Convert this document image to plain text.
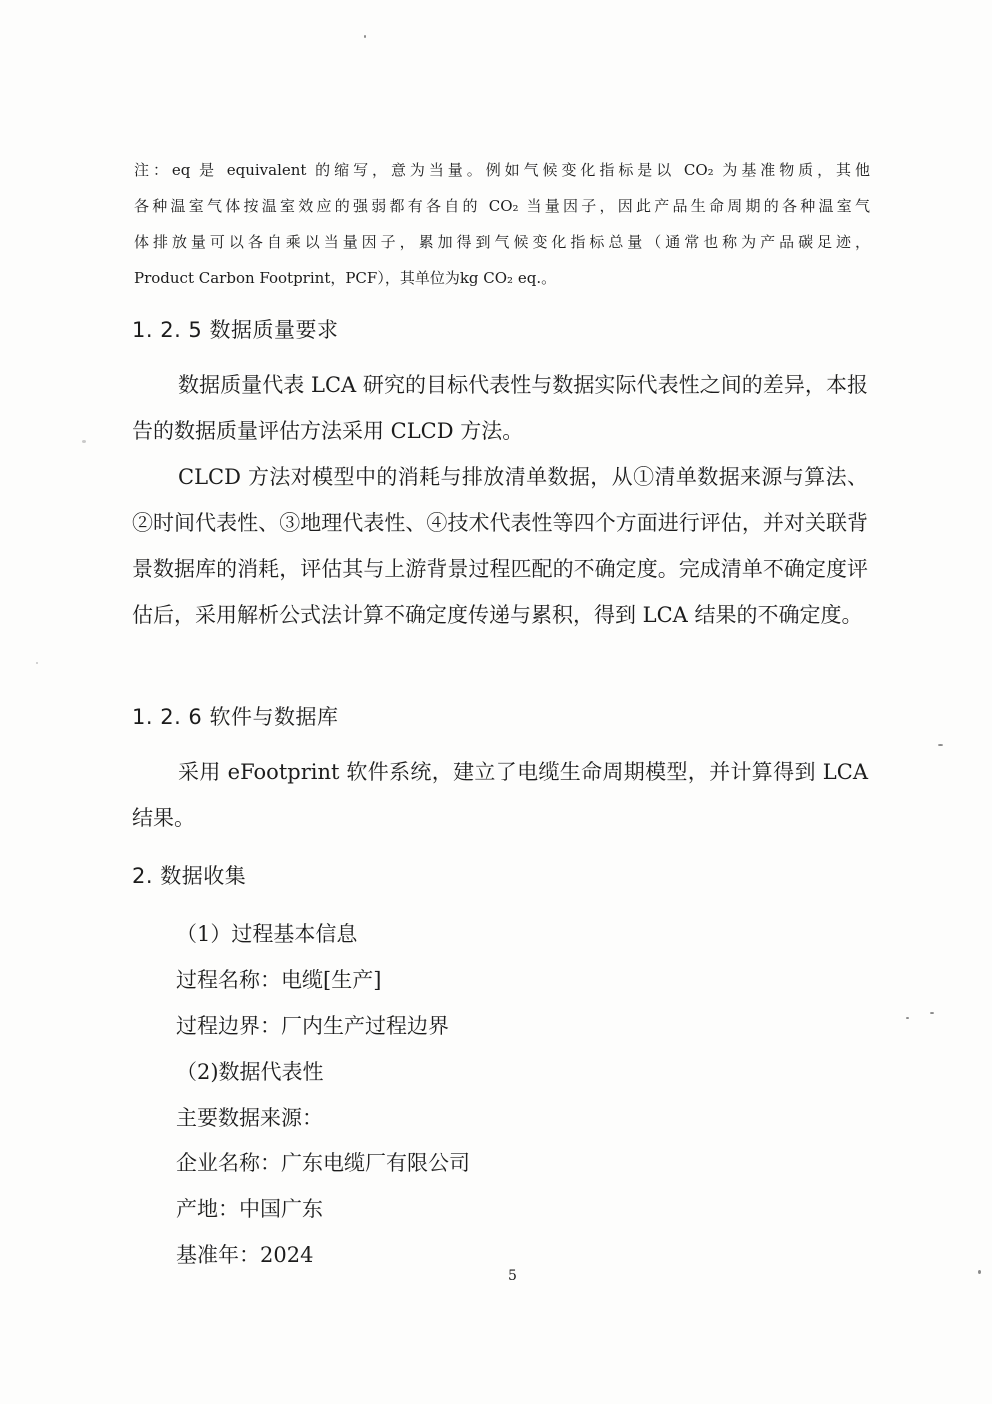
注：eq 是 equivalent 的缩写，意为当量。例如气候变化指标是以 CO₂ 为基准物质，其他
各种温室气体按温室效应的强弱都有各自的 CO₂ 当量因子，因此产品生命周期的各种温室气
体排放量可以各自乘以当量因子，累加得到气候变化指标总量（通常也称为产品碳足迹，
Product Carbon Footprint，PCF），其单位为kg CO₂ eq.。
1. 2. 5 数据质量要求
数据质量代表 LCA 研究的目标代表性与数据实际代表性之间的差异，本报告的数据质量评估方法采用 CLCD 方法。
CLCD 方法对模型中的消耗与排放清单数据，从①清单数据来源与算法、②时间代表性、③地理代表性、④技术代表性等四个方面进行评估，并对关联背景数据库的消耗，评估其与上游背景过程匹配的不确定度。完成清单不确定度评估后，采用解析公式法计算不确定度传递与累积，得到 LCA 结果的不确定度。
1. 2. 6 软件与数据库
采用 eFootprint 软件系统，建立了电缆生命周期模型，并计算得到 LCA 结果。
2. 数据收集
（1）过程基本信息
过程名称：电缆[生产]
过程边界：厂内生产过程边界
（2)数据代表性
主要数据来源：
企业名称：广东电缆厂有限公司
产地：中国广东
基准年：2024
5
